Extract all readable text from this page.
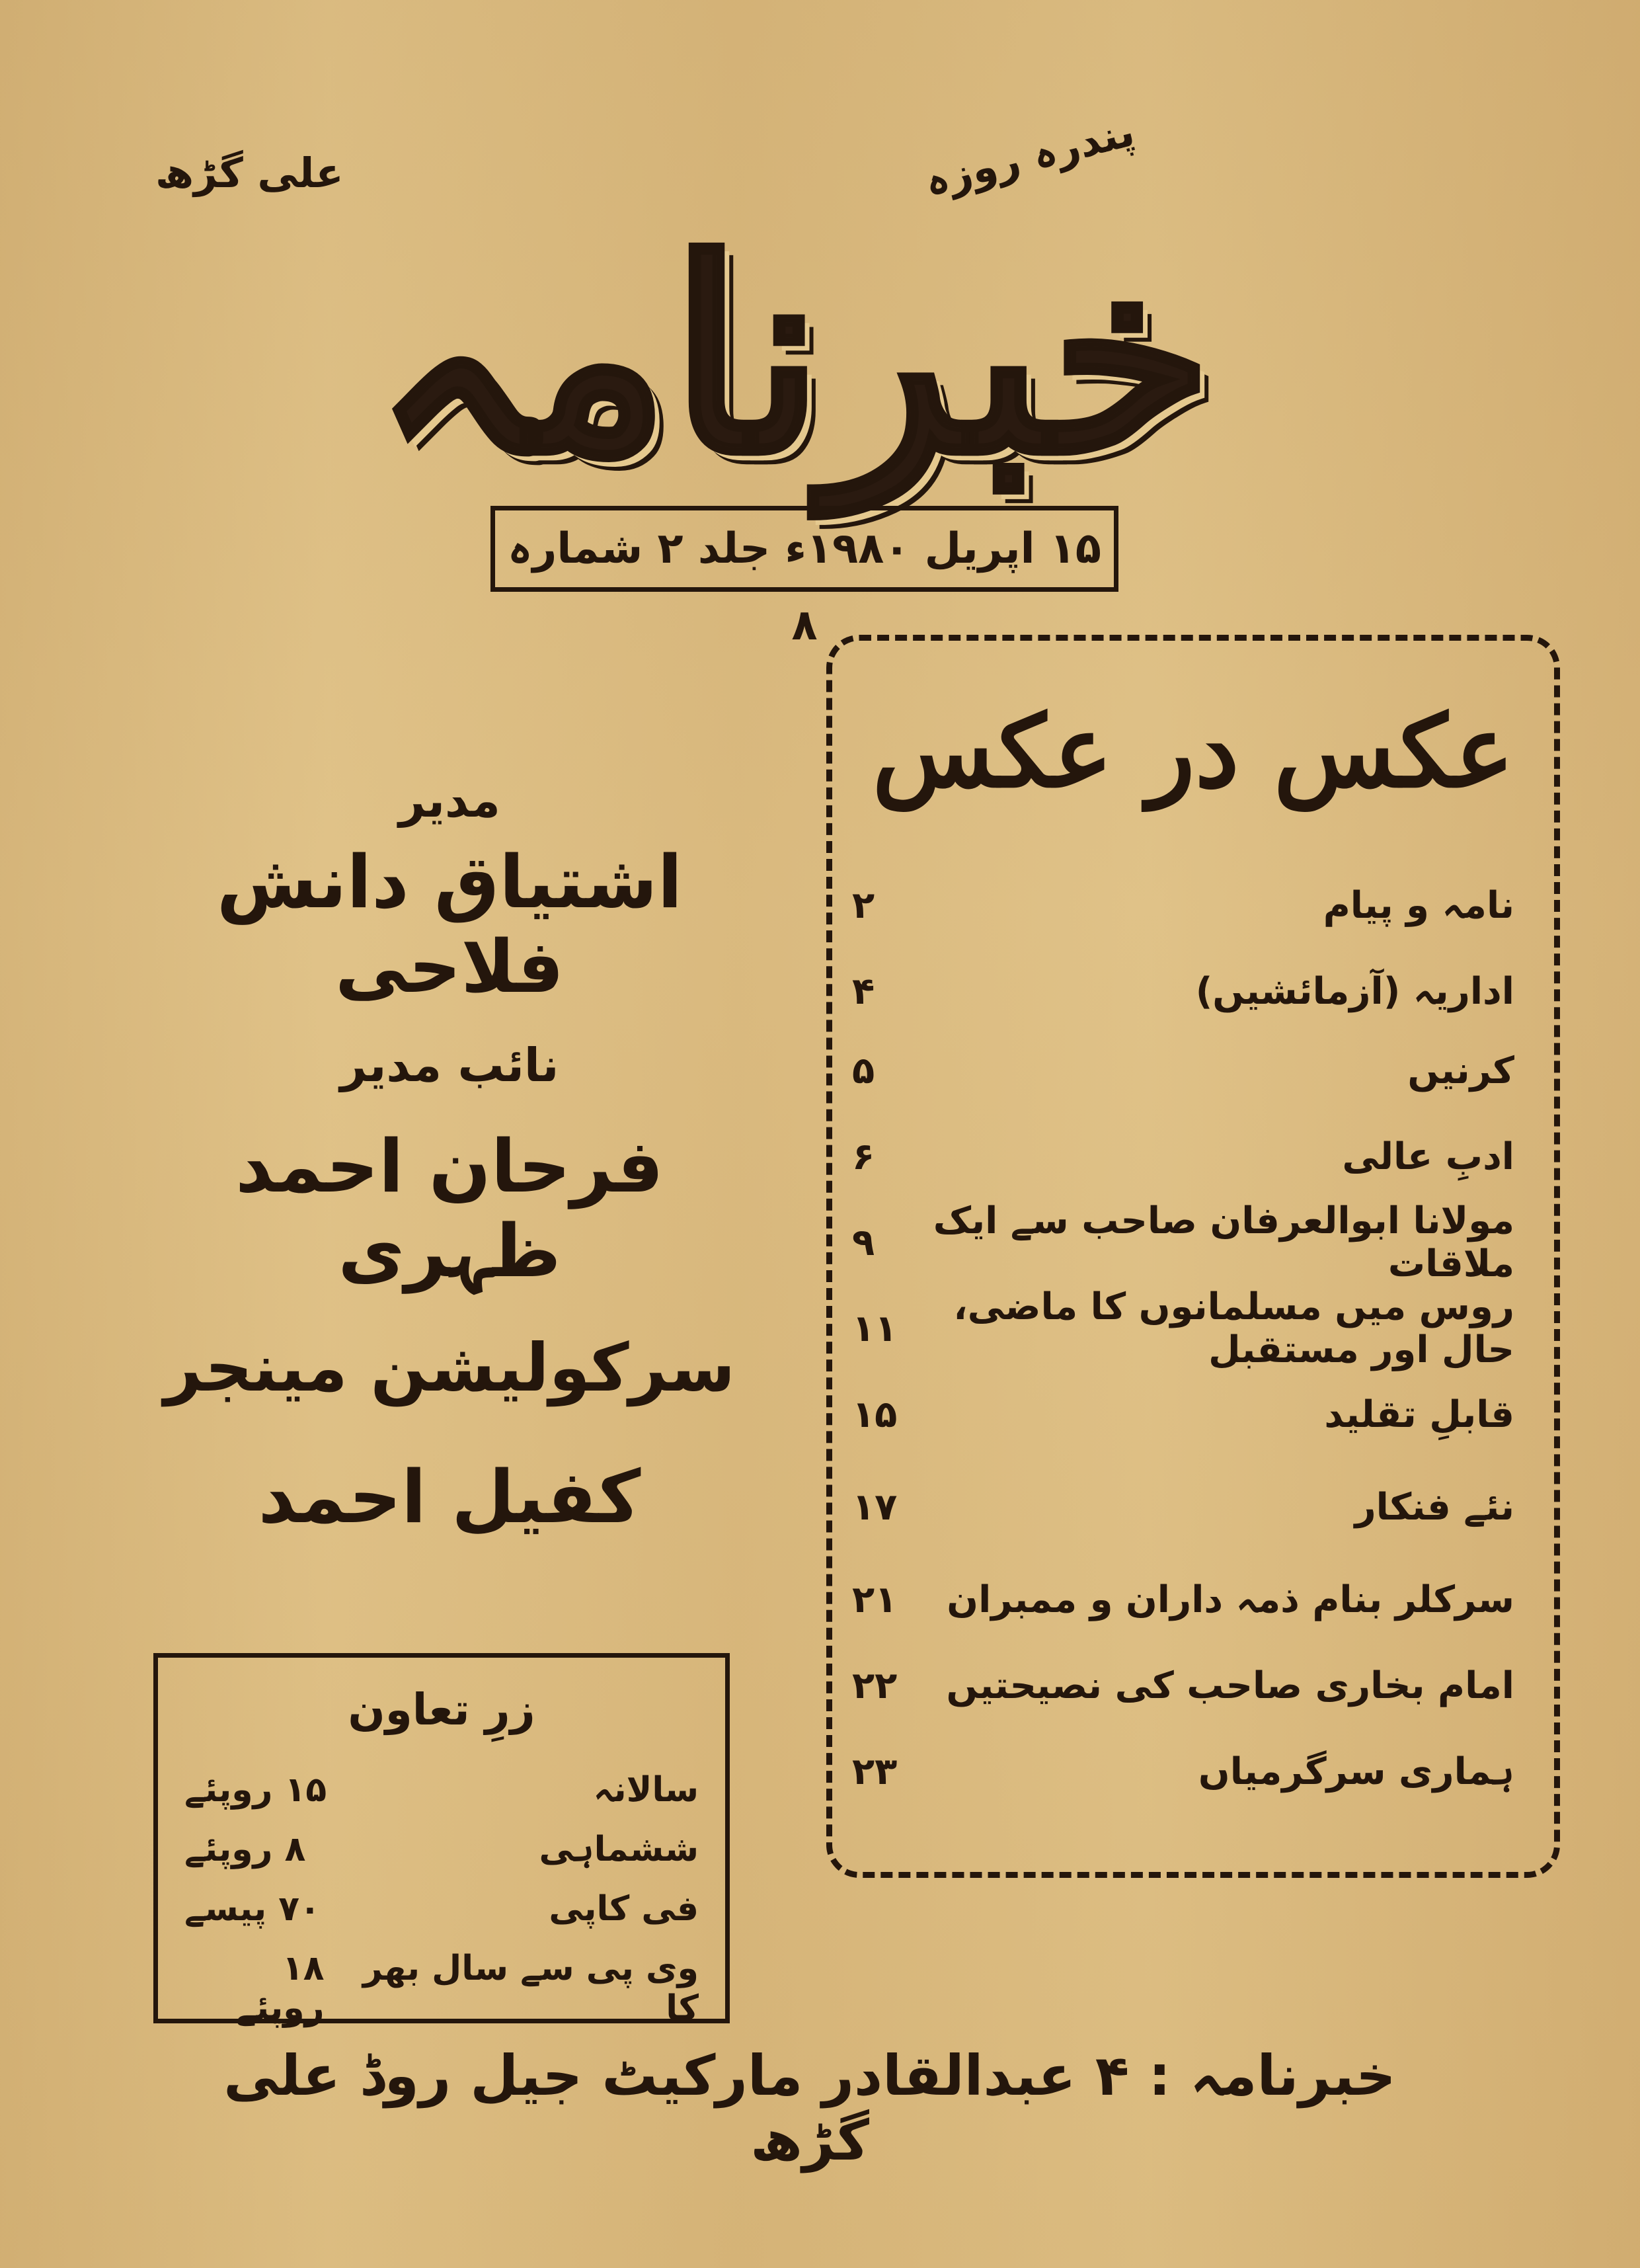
علی گڑھ	پندرہ روزہ
خبرنامہ
۱۵ اپریل ۱۹۸۰ء جلد ۲ شمارہ ۸
مدیر
اشتیاق دانش فلاحی
نائب مدیر
فرحان احمد ظہری
سرکولیشن مینجر
کفیل احمد
زرِ تعاون
سالانہ
۱۵ روپئے
ششماہی
۸ روپئے
فی کاپی
۷۰ پیسے
وی پی سے سال بھر کا
۱۸ روپئے
عکس در عکس
نامہ و پیام
۲
اداریہ (آزمائشیں)
۴
کرنیں
۵
ادبِ عالی
۶
مولانا ابوالعرفان صاحب سے ایک ملاقات
۹
روس میں مسلمانوں کا ماضی، حال اور مستقبل
۱۱
قابلِ تقلید
۱۵
نئے فنکار
۱۷
سرکلر بنام ذمہ داران و ممبران
۲۱
امام بخاری صاحب کی نصیحتیں
۲۲
ہماری سرگرمیاں
۲۳
خبرنامہ : ۴ عبدالقادر مارکیٹ جیل روڈ علی گڑھ
